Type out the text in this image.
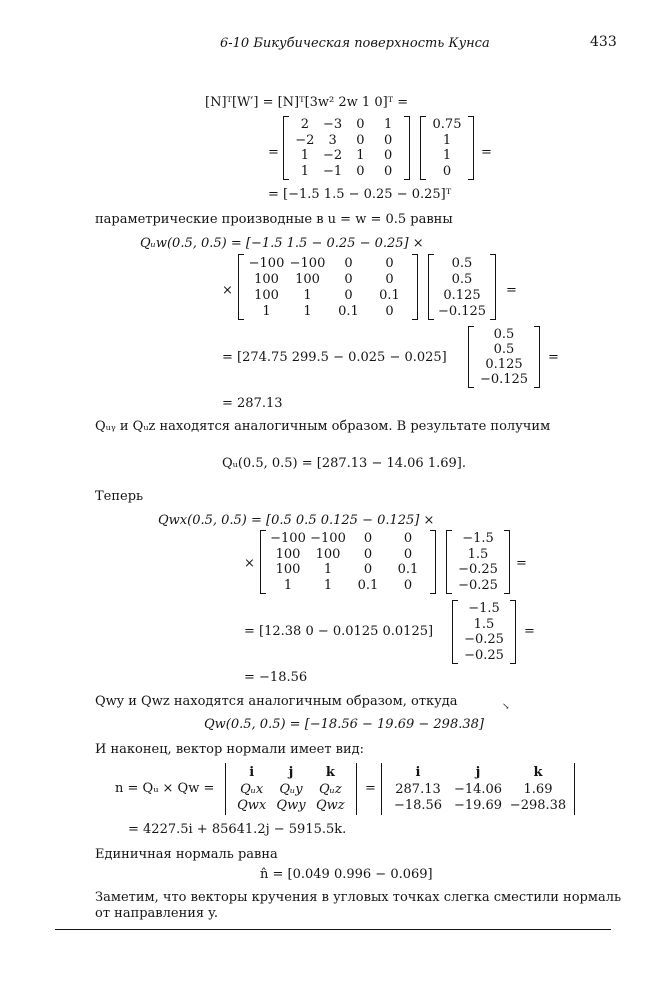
6-10 Бикубическая поверхность Кунса	433
[N]ᵀ[W′] = [N]ᵀ[3w² 2w 1 0]ᵀ =
=
2	−3	0	1
−2	3	0	0
1	−2	1	0
1	−1	0	0
0.75
1
1
0
=
= [−1.5 1.5 − 0.25 − 0.25]ᵀ
параметрические производные в u = w = 0.5 равны
Qᵤw(0.5, 0.5) = [−1.5 1.5 − 0.25 − 0.25] ×
×
−100 −100	0	0
100	100	0	0
100	1	0	0.1
1	1	0.1	0
0.5
0.5
0.125
−0.125
=
= [274.75 299.5 − 0.025 − 0.025]
0.5
0.5
0.125
−0.125
=
= 287.13
Qᵤᵧ и Qᵤz находятся аналогичным образом. В результате получим
Qᵤ(0.5, 0.5) = [287.13 − 14.06 1.69].
Теперь
Qwx(0.5, 0.5) = [0.5 0.5 0.125 − 0.125] ×
×
−100 −100	0	0
100	100	0	0
100	1	0	0.1
1	1	0.1	0
−1.5
1.5
−0.25
−0.25
=
= [12.38 0 − 0.0125 0.0125]
−1.5
1.5
−0.25
−0.25
=
= −18.56
Qwy и Qwz находятся аналогичным образом, откуда	↘
Qw(0.5, 0.5) = [−18.56 − 19.69 − 298.38]
И наконец, вектор нормали имеет вид:
n = Qᵤ × Qw =
i	j	k
Qᵤx	Qᵤy	Qᵤz
Qwx Qwy Qwz
=
i	j	k
287.13	−14.06	1.69
−18.56 −19.69 −298.38
= 4227.5i + 85641.2j − 5915.5k.
Единичная нормаль равна
n̂ = [0.049 0.996 − 0.069]
Заметим, что векторы кручения в угловых точках слегка сместили нормаль
от направления y.
